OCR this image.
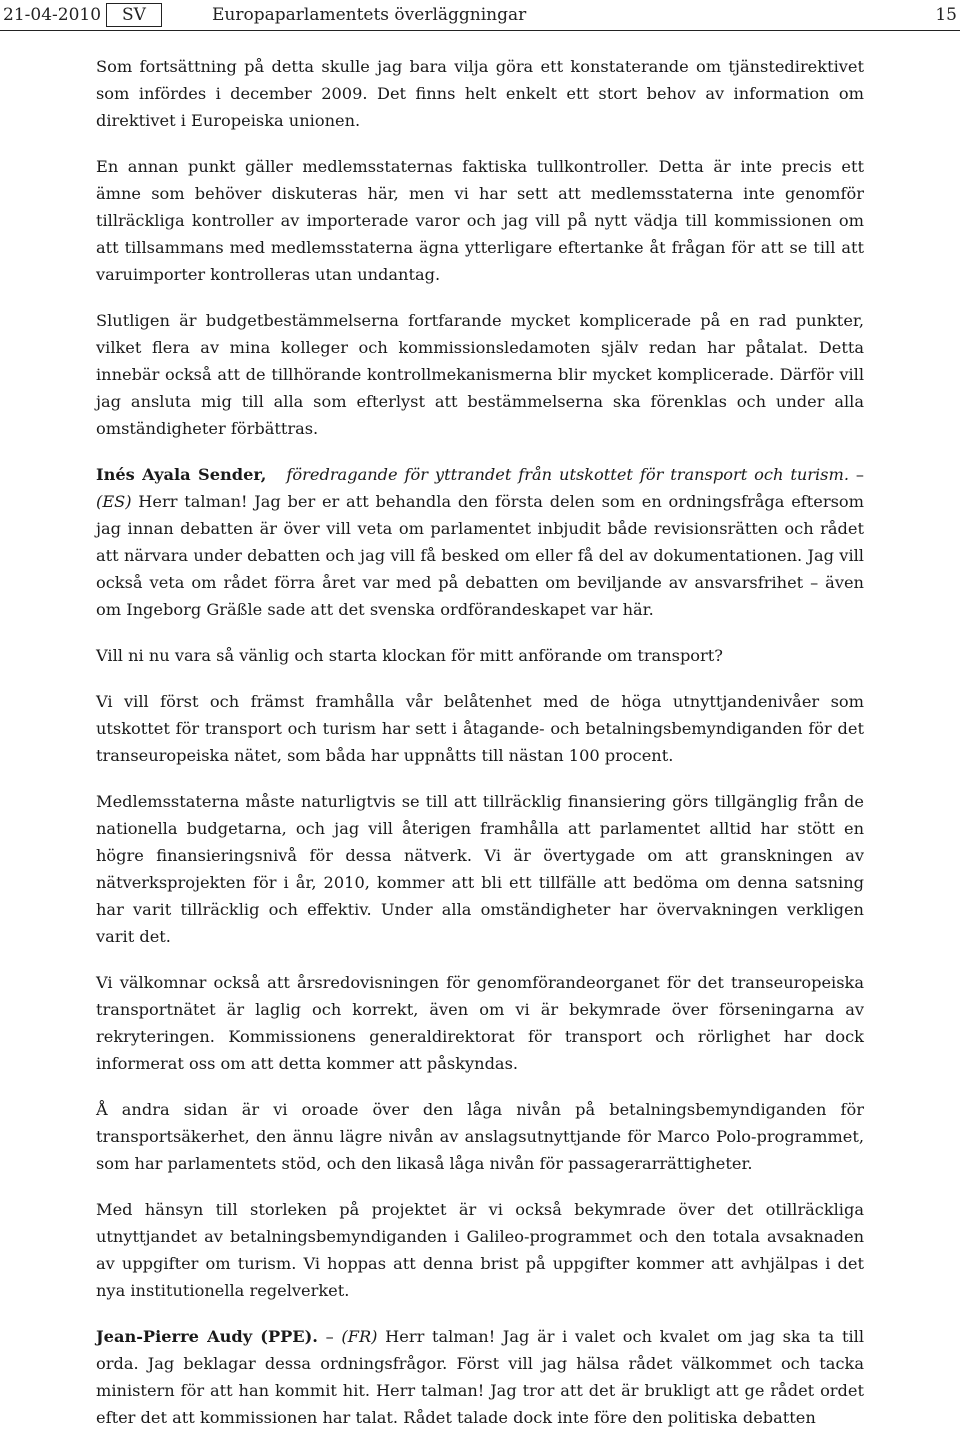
21-04-2010	SV	Europaparlamentets överläggningar	15

Som fortsättning på detta skulle jag bara vilja göra ett konstaterande om tjänstedirektivet som infördes i december 2009. Det finns helt enkelt ett stort behov av information om direktivet i Europeiska unionen.

En annan punkt gäller medlemsstaternas faktiska tullkontroller. Detta är inte precis ett ämne som behöver diskuteras här, men vi har sett att medlemsstaterna inte genomför tillräckliga kontroller av importerade varor och jag vill på nytt vädja till kommissionen om att tillsammans med medlemsstaterna ägna ytterligare eftertanke åt frågan för att se till att varuimporter kontrolleras utan undantag.

Slutligen är budgetbestämmelserna fortfarande mycket komplicerade på en rad punkter, vilket flera av mina kolleger och kommissionsledamoten själv redan har påtalat. Detta innebär också att de tillhörande kontrollmekanismerna blir mycket komplicerade. Därför vill jag ansluta mig till alla som efterlyst att bestämmelserna ska förenklas och under alla omständigheter förbättras.

Inés Ayala Sender, föredragande för yttrandet från utskottet för transport och turism. – (ES) Herr talman! Jag ber er att behandla den första delen som en ordningsfråga eftersom jag innan debatten är över vill veta om parlamentet inbjudit både revisionsrätten och rådet att närvara under debatten och jag vill få besked om eller få del av dokumentationen. Jag vill också veta om rådet förra året var med på debatten om beviljande av ansvarsfrihet – även om Ingeborg Gräßle sade att det svenska ordförandeskapet var här.

Vill ni nu vara så vänlig och starta klockan för mitt anförande om transport?

Vi vill först och främst framhålla vår belåtenhet med de höga utnyttjandenivåer som utskottet för transport och turism har sett i åtagande- och betalningsbemyndiganden för det transeuropeiska nätet, som båda har uppnåtts till nästan 100 procent.

Medlemsstaterna måste naturligtvis se till att tillräcklig finansiering görs tillgänglig från de nationella budgetarna, och jag vill återigen framhålla att parlamentet alltid har stött en högre finansieringsnivå för dessa nätverk. Vi är övertygade om att granskningen av nätverksprojekten för i år, 2010, kommer att bli ett tillfälle att bedöma om denna satsning har varit tillräcklig och effektiv. Under alla omständigheter har övervakningen verkligen varit det.

Vi välkomnar också att årsredovisningen för genomförandeorganet för det transeuropeiska transportnätet är laglig och korrekt, även om vi är bekymrade över förseningarna av rekryteringen. Kommissionens generaldirektorat för transport och rörlighet har dock informerat oss om att detta kommer att påskyndas.

Å andra sidan är vi oroade över den låga nivån på betalningsbemyndiganden för transportsäkerhet, den ännu lägre nivån av anslagsutnyttjande för Marco Polo-programmet, som har parlamentets stöd, och den likaså låga nivån för passagerarrättigheter.

Med hänsyn till storleken på projektet är vi också bekymrade över det otillräckliga utnyttjandet av betalningsbemyndiganden i Galileo-programmet och den totala avsaknaden av uppgifter om turism. Vi hoppas att denna brist på uppgifter kommer att avhjälpas i det nya institutionella regelverket.

Jean-Pierre Audy (PPE). – (FR) Herr talman! Jag är i valet och kvalet om jag ska ta till orda. Jag beklagar dessa ordningsfrågor. Först vill jag hälsa rådet välkommet och tacka ministern för att han kommit hit. Herr talman! Jag tror att det är brukligt att ge rådet ordet efter det att kommissionen har talat. Rådet talade dock inte före den politiska debatten
